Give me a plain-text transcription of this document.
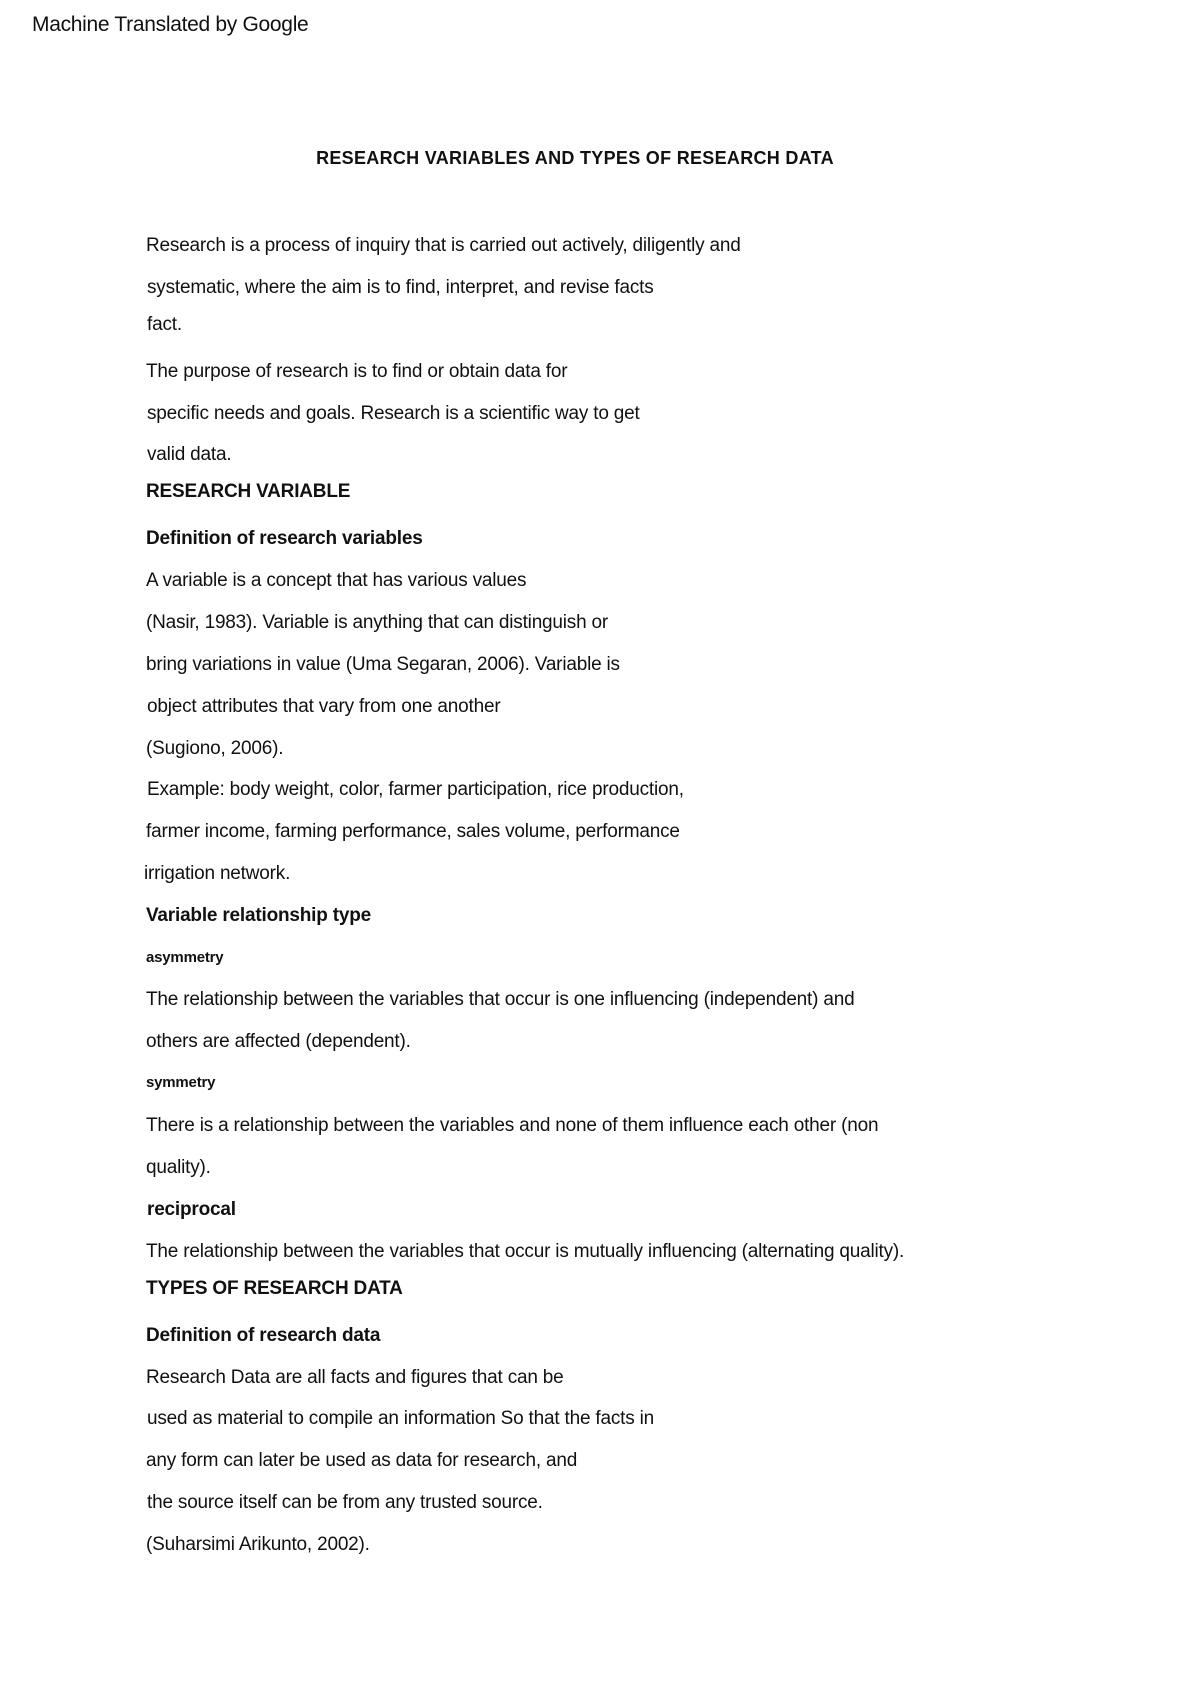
Machine Translated by Google
RESEARCH VARIABLES AND TYPES OF RESEARCH DATA
Research is a process of inquiry that is carried out actively, diligently and
systematic, where the aim is to find, interpret, and revise facts
fact.
The purpose of research is to find or obtain data for
specific needs and goals. Research is a scientific way to get
valid data.
RESEARCH VARIABLE
Definition of research variables
A variable is a concept that has various values
(Nasir, 1983). Variable is anything that can distinguish or
bring variations in value (Uma Segaran, 2006). Variable is
object attributes that vary from one another
(Sugiono, 2006).
Example: body weight, color, farmer participation, rice production,
farmer income, farming performance, sales volume, performance
irrigation network.
Variable relationship type
asymmetry
The relationship between the variables that occur is one influencing (independent) and
others are affected (dependent).
symmetry
There is a relationship between the variables and none of them influence each other (non
quality).
reciprocal
The relationship between the variables that occur is mutually influencing (alternating quality).
TYPES OF RESEARCH DATA
Definition of research data
Research Data are all facts and figures that can be
used as material to compile an information So that the facts in
any form can later be used as data for research, and
the source itself can be from any trusted source.
(Suharsimi Arikunto, 2002).
